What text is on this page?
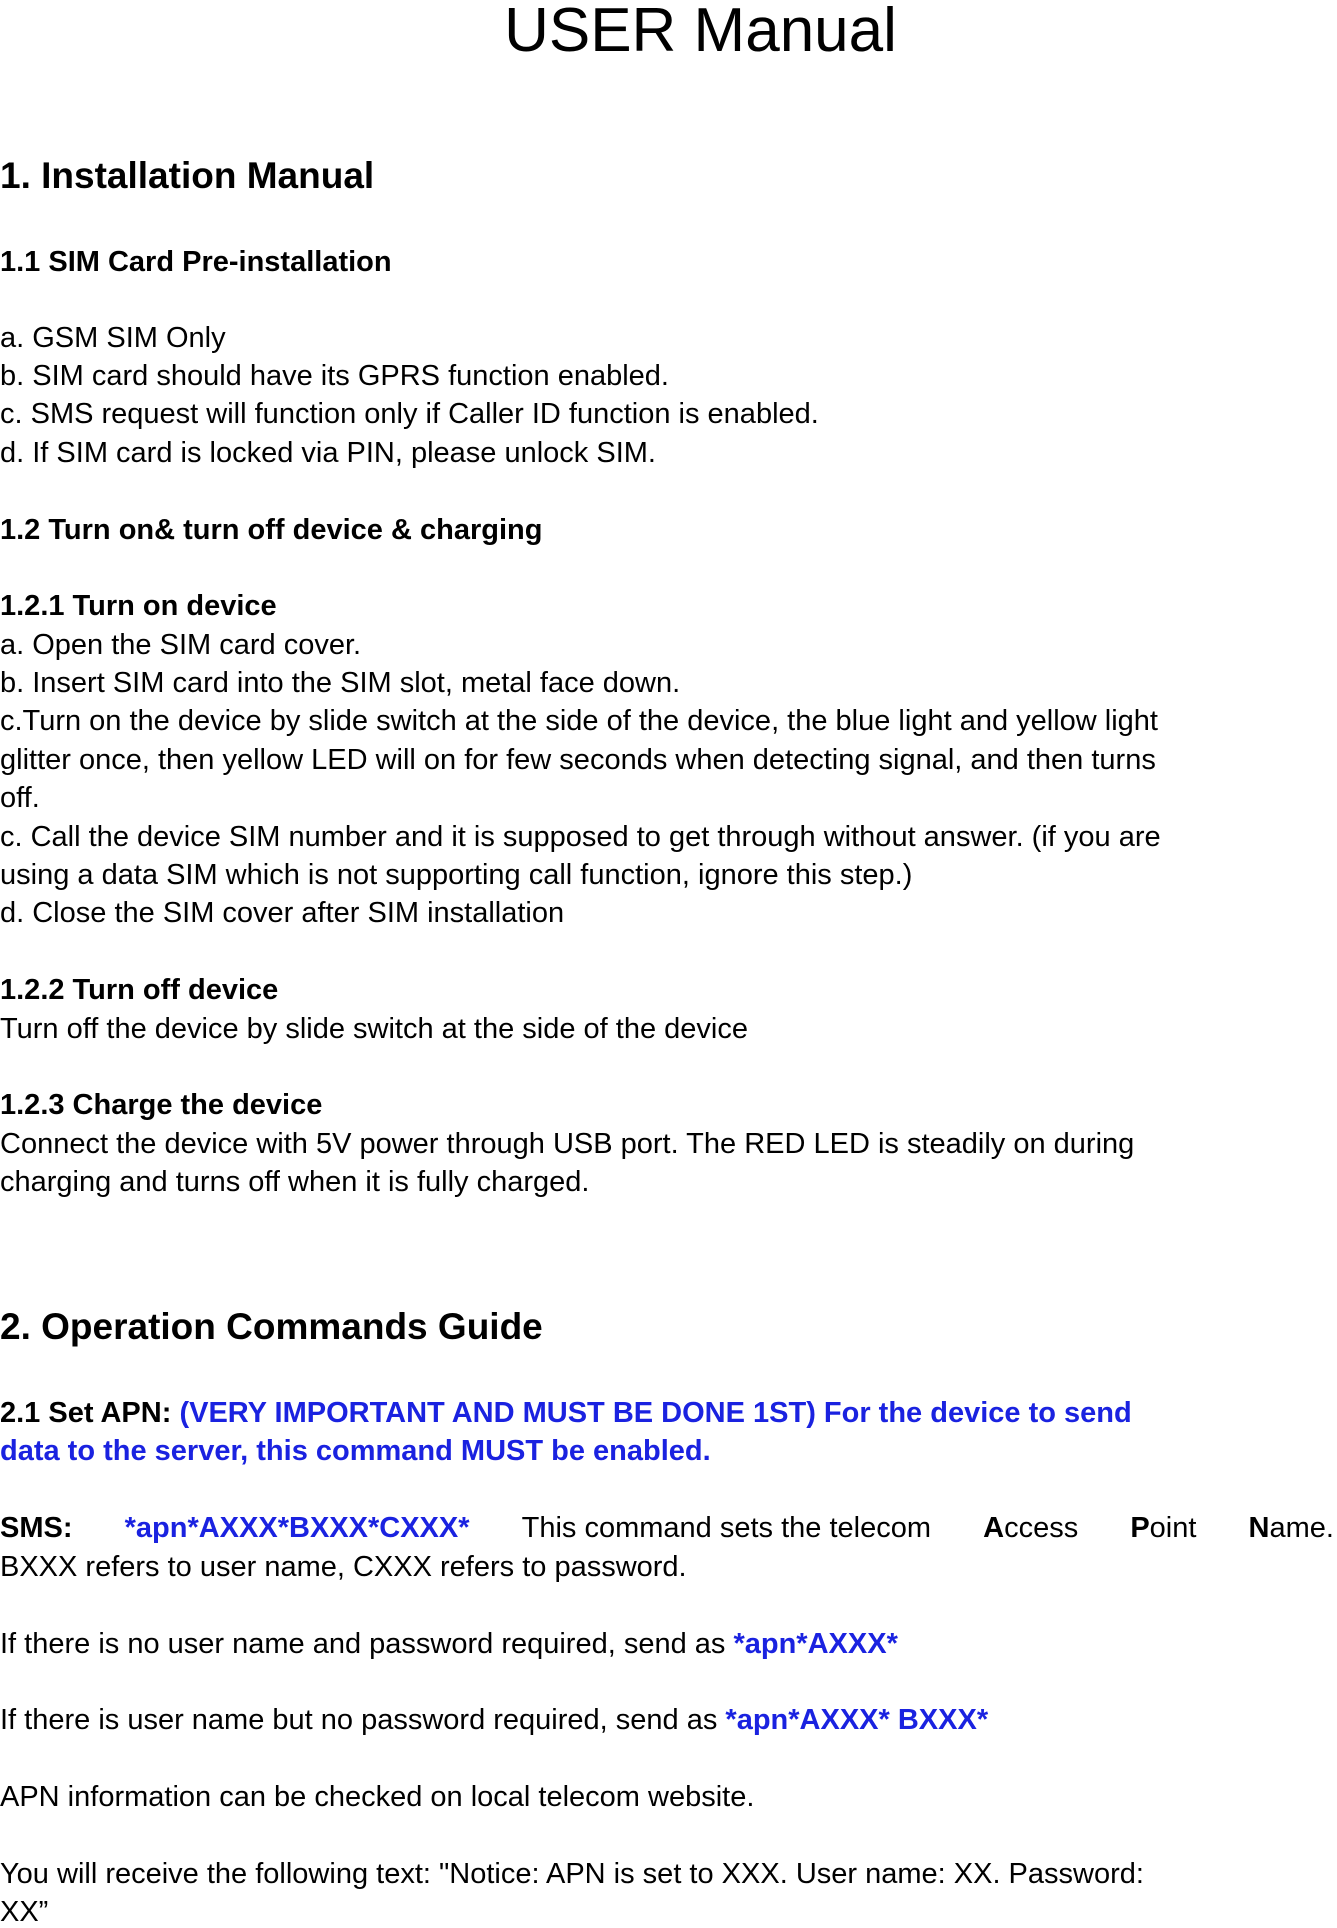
USER Manual

1. Installation Manual

1.1 SIM Card Pre-installation

a. GSM SIM Only

b. SIM card should have its GPRS function enabled.

c. SMS request will function only if Caller ID function is enabled.

d. If SIM card is locked via PIN, please unlock SIM.

1.2 Turn on& turn off device & charging

1.2.1 Turn on device

a. Open the SIM card cover.

b. Insert SIM card into the SIM slot, metal face down.

c.Turn on the device by slide switch at the side of the device, the blue light and yellow light

glitter once, then yellow LED will on for few seconds when detecting signal, and then turns

off.

c. Call the device SIM number and it is supposed to get through without answer. (if you are

using a data SIM which is not supporting call function, ignore this step.)

d. Close the SIM cover after SIM installation

1.2.2 Turn off device

Turn off the device by slide switch at the side of the device

1.2.3 Charge the device

Connect the device with 5V power through USB port. The RED LED is steadily on during

charging and turns off when it is fully charged.

2. Operation Commands Guide

2.1 Set APN: (VERY IMPORTANT AND MUST BE DONE 1ST) For the device to send

data to the server, this command MUST be enabled.

SMS: *apn*AXXX*BXXX*CXXX* This command sets the telecom Access Point Name.

BXXX refers to user name, CXXX refers to password.

If there is no user name and password required, send as *apn*AXXX*

If there is user name but no password required, send as *apn*AXXX* BXXX*

APN information can be checked on local telecom website.

You will receive the following text: "Notice: APN is set to XXX. User name: XX. Password:

XX”
